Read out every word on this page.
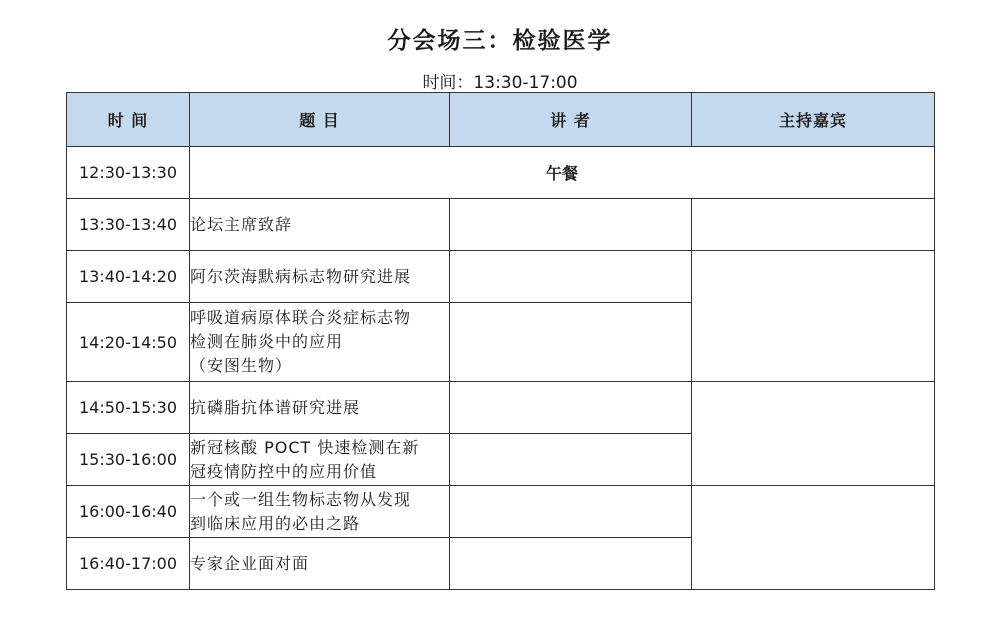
分会场三：检验医学
时间：13:30-17:00
时 间	题 目	讲 者	主持嘉宾
12:30-13:30	午餐		
13:30-13:40	论坛主席致辞		

13:40-14:20	阿尔茨海默病标志物研究进展		

14:20-14:50	呼吸道病原体联合炎症标志物
检测在肺炎中的应用
（安图生物）		

14:50-15:30	抗磷脂抗体谱研究进展		

15:30-16:00	新冠核酸 POCT 快速检测在新
冠疫情防控中的应用价值		

16:00-16:40	一个或一组生物标志物从发现
到临床应用的必由之路		

16:40-17:00	专家企业面对面		
